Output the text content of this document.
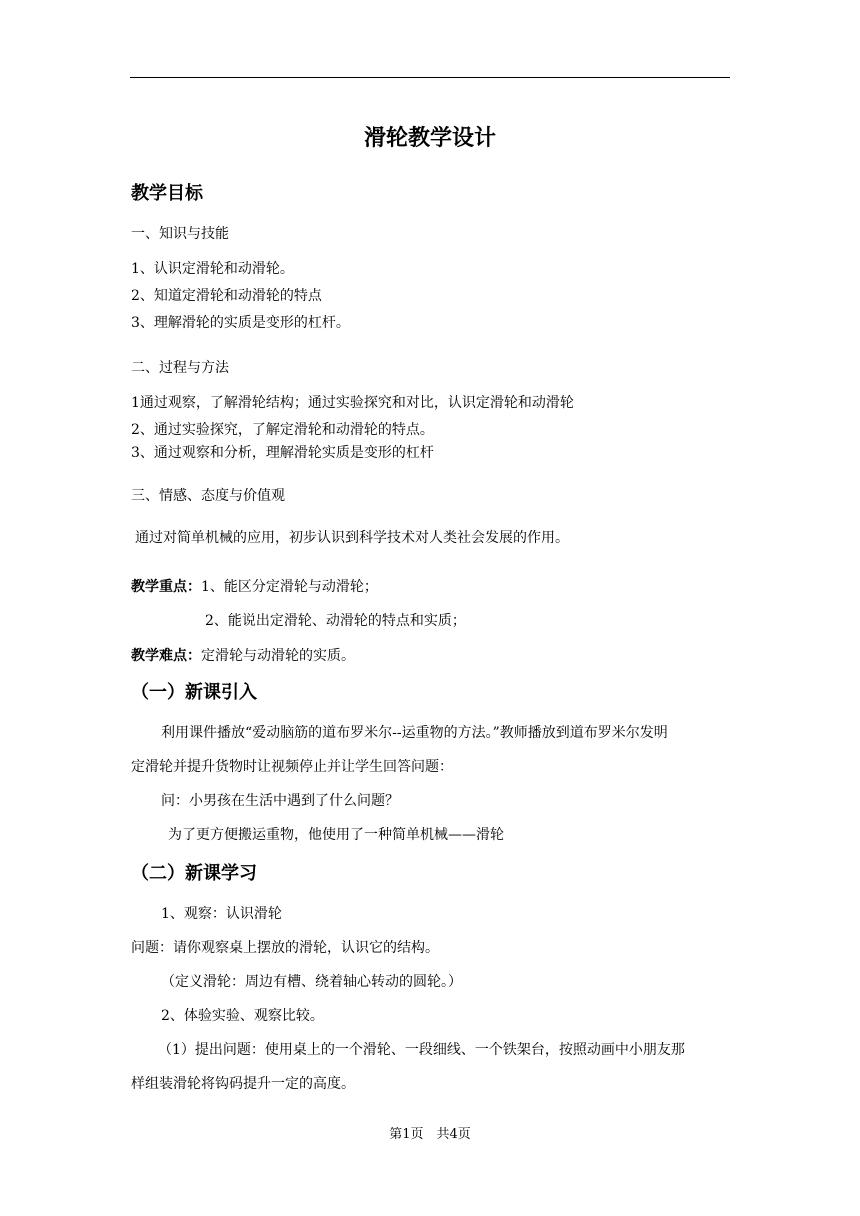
滑轮教学设计
教学目标
一、知识与技能
1、认识定滑轮和动滑轮。
2、知道定滑轮和动滑轮的特点
3、理解滑轮的实质是变形的杠杆。
二、过程与方法
1通过观察，了解滑轮结构；通过实验探究和对比，认识定滑轮和动滑轮
2、通过实验探究，了解定滑轮和动滑轮的特点。
3、通过观察和分析，理解滑轮实质是变形的杠杆
三、情感、态度与价值观
通过对简单机械的应用，初步认识到科学技术对人类社会发展的作用。
教学重点：1、能区分定滑轮与动滑轮；
2、能说出定滑轮、动滑轮的特点和实质；
教学难点：定滑轮与动滑轮的实质。
（一）新课引入
利用课件播放“爱动脑筋的道布罗米尔--运重物的方法。”教师播放到道布罗米尔发明
定滑轮并提升货物时让视频停止并让学生回答问题：
问：小男孩在生活中遇到了什么问题？
为了更方便搬运重物，他使用了一种简单机械——滑轮
（二）新课学习
1、观察：认识滑轮
问题：请你观察桌上摆放的滑轮，认识它的结构。
（定义滑轮：周边有槽、绕着轴心转动的圆轮。）
2、体验实验、观察比较。
（1）提出问题：使用桌上的一个滑轮、一段细线、一个铁架台，按照动画中小朋友那
样组装滑轮将钩码提升一定的高度。
第1页　共4页
